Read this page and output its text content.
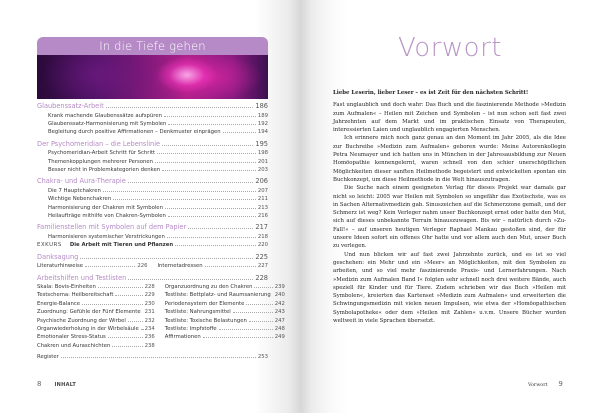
In die Tiefe gehen
Glaubenssatz-Arbeit	186
Krank machende Glaubenssätze aufspüren	189
Glaubenssatz-Harmonisierung mit Symbolen	192
Begleitung durch positive Affirmationen – Denkmuster einprägen	194
Der Psychomeridian – die Lebenslinie	195
Psychomeridian-Arbeit Schritt für Schritt	198
Themenkopplungen mehrerer Personen	201
Besser nicht in Problemkategorien denken	203
Chakra- und Aura-Therapie	206
Die 7 Hauptchakren	207
Wichtige Nebenchakren	211
Harmonisierung der Chakren mit Symbolen	213
Heilaufträge mithilfe von Chakren-Symbolen	216
Familienstellen mit Symbolen auf dem Papier	217
Harmonisieren systemischer Verstrickungen	218
EXKURS Die Arbeit mit Tieren und Pflanzen	220
Danksagung	225
Literaturhinweise	226 Internetadressen	227
Arbeitshilfen und Testlisten	228
Skala: Bovis-Einheiten	228
Testschema: Heilbereitschaft	229
Energie-Balance	230
Zuordnung: Gefühle der Fünf Elemente 231
Psychische Zuordnung der Wirbel	232
Organwiederholung in der Wirbelsäule 234
Emotionaler Stress-Status	236
Chakren und Auraschichten	238
Organzuordnung zu den Chakren	239
Testliste: Bettplatz- und Raumsanierung 240
Periodensystem der Elemente	242
Testliste: Nahrungsmittel	243
Testliste: Toxische Belastungen	247
Testliste: Impfstoffe	248
Affirmationen	249
Register	253
8	INHALT
Vorwort
Liebe Leserin, lieber Leser – es ist Zeit für den nächsten Schritt!

Fast unglaublich und doch wahr: Das Buch und die faszinierende Methode »Medizin zum Aufmalen« – Heilen mit Zeichen und Symbolen – ist nun schon seit fast zwei Jahrzehnten auf dem Markt und im praktischen Einsatz von Therapeuten, interessierten Laien und unglaublich engagierten Menschen.

Ich erinnere mich noch ganz genau an den Moment im Jahr 2005, als die Idee zur Buchreihe »Medizin zum Aufmalen« geboren wurde: Meine Autorenkollegin Petra Neumayer und ich hatten uns in München in der Jahresausbildung zur Neuen Homöopathie kennengelernt, waren schnell von den schier unerschöpflichen Möglichkeiten dieser sanften Heilmethode begeistert und entwickelten spontan ein Buchkonzept, um diese Heilmethode in die Welt hinauszutragen.

Die Suche nach einem geeigneten Verlag für dieses Projekt war damals gar nicht so leicht: 2005 war Heilen mit Symbolen so ungefähr das Exotischste, was es in Sachen Alternativmedizin gab. Sinuszeichen auf die Schmerzzone gemalt, und der Schmerz ist weg? Kein Verleger nahm unser Buchkonzept ernst oder hatte den Mut, sich auf dieses unbekannte Terrain hinauszuwagen. Bis wir – natürlich durch »Zu-Fall!« – auf unseren heutigen Verleger Raphael Mankau gestoßen sind, der für unsere Ideen sofort ein offenes Ohr hatte und vor allem auch den Mut, unser Buch zu verlegen.

Und nun blicken wir auf fast zwei Jahrzehnte zurück, und es ist so viel geschehen: ein Mehr und ein »Meer« an Möglichkeiten, mit den Symbolen zu arbeiten, und so viel mehr faszinierende Praxis- und Lernerfahrungen. Nach »Medizin zum Aufmalen Band I« folgten sehr schnell noch drei weitere Bände, auch speziell für Kinder und für Tiere. Zudem schrieben wir das Buch »Heilen mit Symbolen«, kreierten das Kartenset »Medizin zum Aufmalen« und erweiterten die Schwingungsmedizin mit vielen neuen Impulsen, wie etwa der »Homöopathischen Symbolapotheke« oder dem »Heilen mit Zahlen« u.v.m. Unsere Bücher wurden weltweit in viele Sprachen übersetzt.

Vorwort 9
